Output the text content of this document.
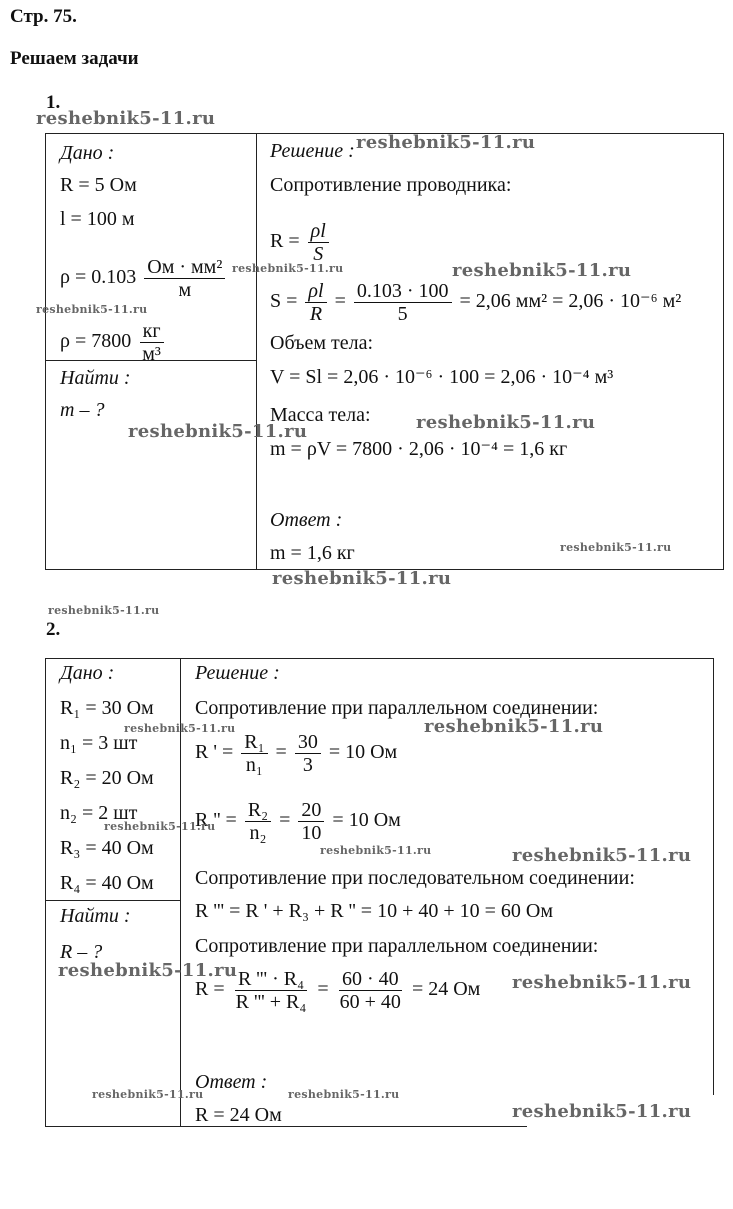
Стр. 75.
Решаем задачи
1.
Дано :
R = 5 Ом
l = 100 м
$\rho = 0.103 \frac{\text{Ом · мм²}}{м}$
$\rho = 7800 \frac{кг}{\text{м³}}$
Найти :
m – ?
Решение :
Сопротивление проводника:
$R = \frac{\rho l}{S}$
$S = \frac{\rho l}{R} = \frac{0.103 \cdot 100}{5} = 2,06$ мм² = 2,06 · 10⁻⁶ м²
Объем тела:
V = Sl = 2,06 · 10⁻⁶ · 100 = 2,06 · 10⁻⁴ м³
Масса тела:
m = ρV = 7800 · 2,06 · 10⁻⁴ = 1,6 кг
Ответ :
m = 1,6 кг
2.
Дано :
R₁ = 30 Ом
n₁ = 3 шт
R₂ = 20 Ом
n₂ = 2 шт
R₃ = 40 Ом
R₄ = 40 Ом
Найти :
R – ?
Решение :
Сопротивление при параллельном соединении:
R ' = $\frac{\text{R₁}}{\text{n₁}} = \frac{30}{3} = 10$ Ом
R '' = $\frac{\text{R₂}}{\text{n₂}} = \frac{20}{10} = 10$ Ом
Сопротивление при последовательном соединении:
R ''' = R ' + R₃ + R '' = 10 + 40 + 10 = 60 Ом
Сопротивление при параллельном соединении:
$R = \frac{\text{R ''' · R₄}}{\text{R ''' + R₄}} = \frac{60 \cdot 40}{60 + 40} = 24$ Ом
Ответ :
R = 24 Ом
reshebnik5-11.ru
reshebnik5-11.ru
reshebnik5-11.ru	reshebnik5-11.ru
reshebnik5-11.ru
reshebnik5-11.ru
reshebnik5-11.ru
reshebnik5-11.ru
reshebnik5-11.ru
reshebnik5-11.ru
reshebnik5-11.ru	reshebnik5-11.ru
reshebnik5-11.ru
reshebnik5-11.ru	reshebnik5-11.ru
reshebnik5-11.ru
reshebnik5-11.ru
reshebnik5-11.ru	reshebnik5-11.ru
reshebnik5-11.ru
